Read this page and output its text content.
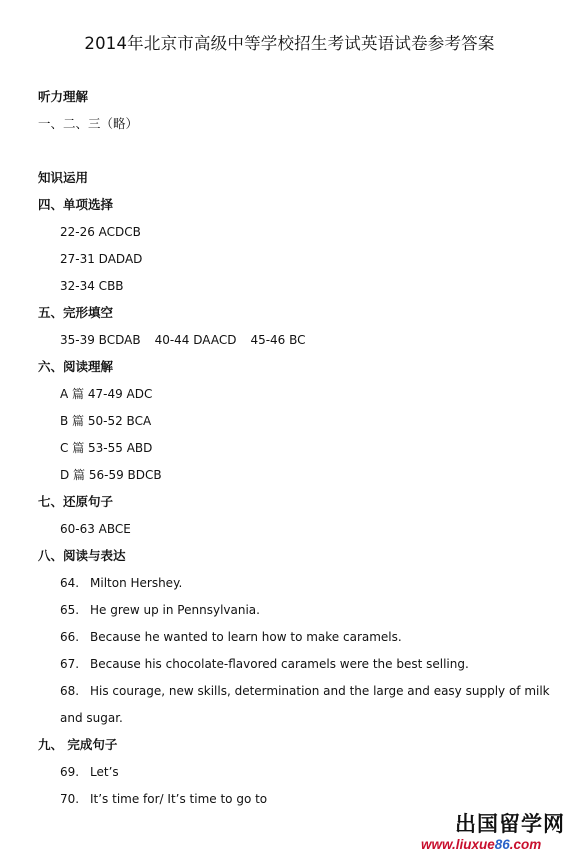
2014年北京市高级中等学校招生考试英语试卷参考答案
听力理解
一、二、三（略）
知识运用
四、单项选择
22-26 ACDCB
27-31 DADAD
32-34 CBB
五、完形填空
35-39 BCDAB 40-44 DAACD 45-46 BC
六、阅读理解
A 篇 47-49 ADC
B 篇 50-52 BCA
C 篇 53-55 ABD
D 篇 56-59 BDCB
七、还原句子
60-63 ABCE
八、阅读与表达
64. Milton Hershey.
65. He grew up in Pennsylvania.
66. Because he wanted to learn how to make caramels.
67. Because his chocolate-flavored caramels were the best selling.
68. His courage, new skills, determination and the large and easy supply of milk
and sugar.
九、 完成句子
69. Let’s
70. It’s time for/ It’s time to go to
出国留学网
www.liuxue86.com
